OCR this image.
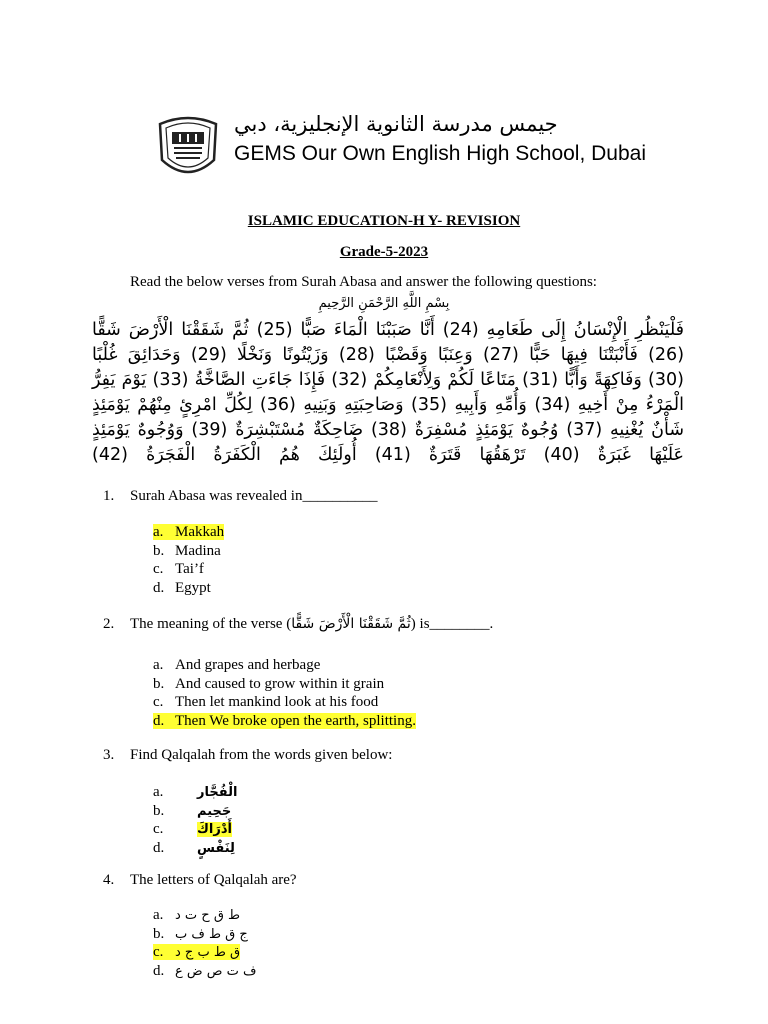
جيمس مدرسة الثانوية الإنجليزية، دبي
GEMS Our Own English High School, Dubai
ISLAMIC EDUCATION-H Y- REVISION
Grade-5-2023
Read the below verses from Surah Abasa and answer the following questions:
بِسْمِ اللَّهِ الرَّحْمَنِ الرَّحِيمِ
فَلْيَنْظُرِ الْإِنْسَانُ إِلَى طَعَامِهِ (24) أَنَّا صَبَبْنَا الْمَاءَ صَبًّا (25) ثُمَّ شَقَقْنَا الْأَرْضَ شَقًّا
(26) فَأَنْبَتْنَا فِيهَا حَبًّا (27) وَعِنَبًا وَقَضْبًا (28) وَزَيْتُونًا وَنَخْلًا (29) وَحَدَائِقَ غُلْبًا
(30) وَفَاكِهَةً وَأَبًّا (31) مَتَاعًا لَكُمْ وَلِأَنْعَامِكُمْ (32) فَإِذَا جَاءَتِ الصَّاخَّةُ (33) يَوْمَ يَفِرُّ
الْمَرْءُ مِنْ أَخِيهِ (34) وَأُمِّهِ وَأَبِيهِ (35) وَصَاحِبَتِهِ وَبَنِيهِ (36) لِكُلِّ امْرِئٍ مِنْهُمْ يَوْمَئِذٍ
شَأْنٌ يُغْنِيهِ (37) وُجُوهٌ يَوْمَئِذٍ مُسْفِرَةٌ (38) ضَاحِكَةٌ مُسْتَبْشِرَةٌ (39) وَوُجُوهٌ يَوْمَئِذٍ
عَلَيْهَا غَبَرَةٌ (40) تَرْهَقُهَا قَتَرَةٌ (41) أُولَئِكَ هُمُ الْكَفَرَةُ الْفَجَرَةُ (42)
1. Surah Abasa was revealed in__________
a. Makkah
b. Madina
c. Tai’f
d. Egypt
2. The meaning of the verse (ثُمَّ شَقَقْنَا الْأَرْضَ شَقًّا) is________.
a. And grapes and herbage
b. And caused to grow within it grain
c. Then let mankind look at his food
d. Then We broke open the earth, splitting.
3. Find Qalqalah from the words given below:
a.	الْفُجَّار
b.	جَحِيم
c.	أَدْرَاكَ
d.	لِنَفْسٍ
4. The letters of Qalqalah are?
a. ط ق ح ت د
b. ج ق ط ف ب
c. ق ط ب ج د
d. ف ت ص ض ع
